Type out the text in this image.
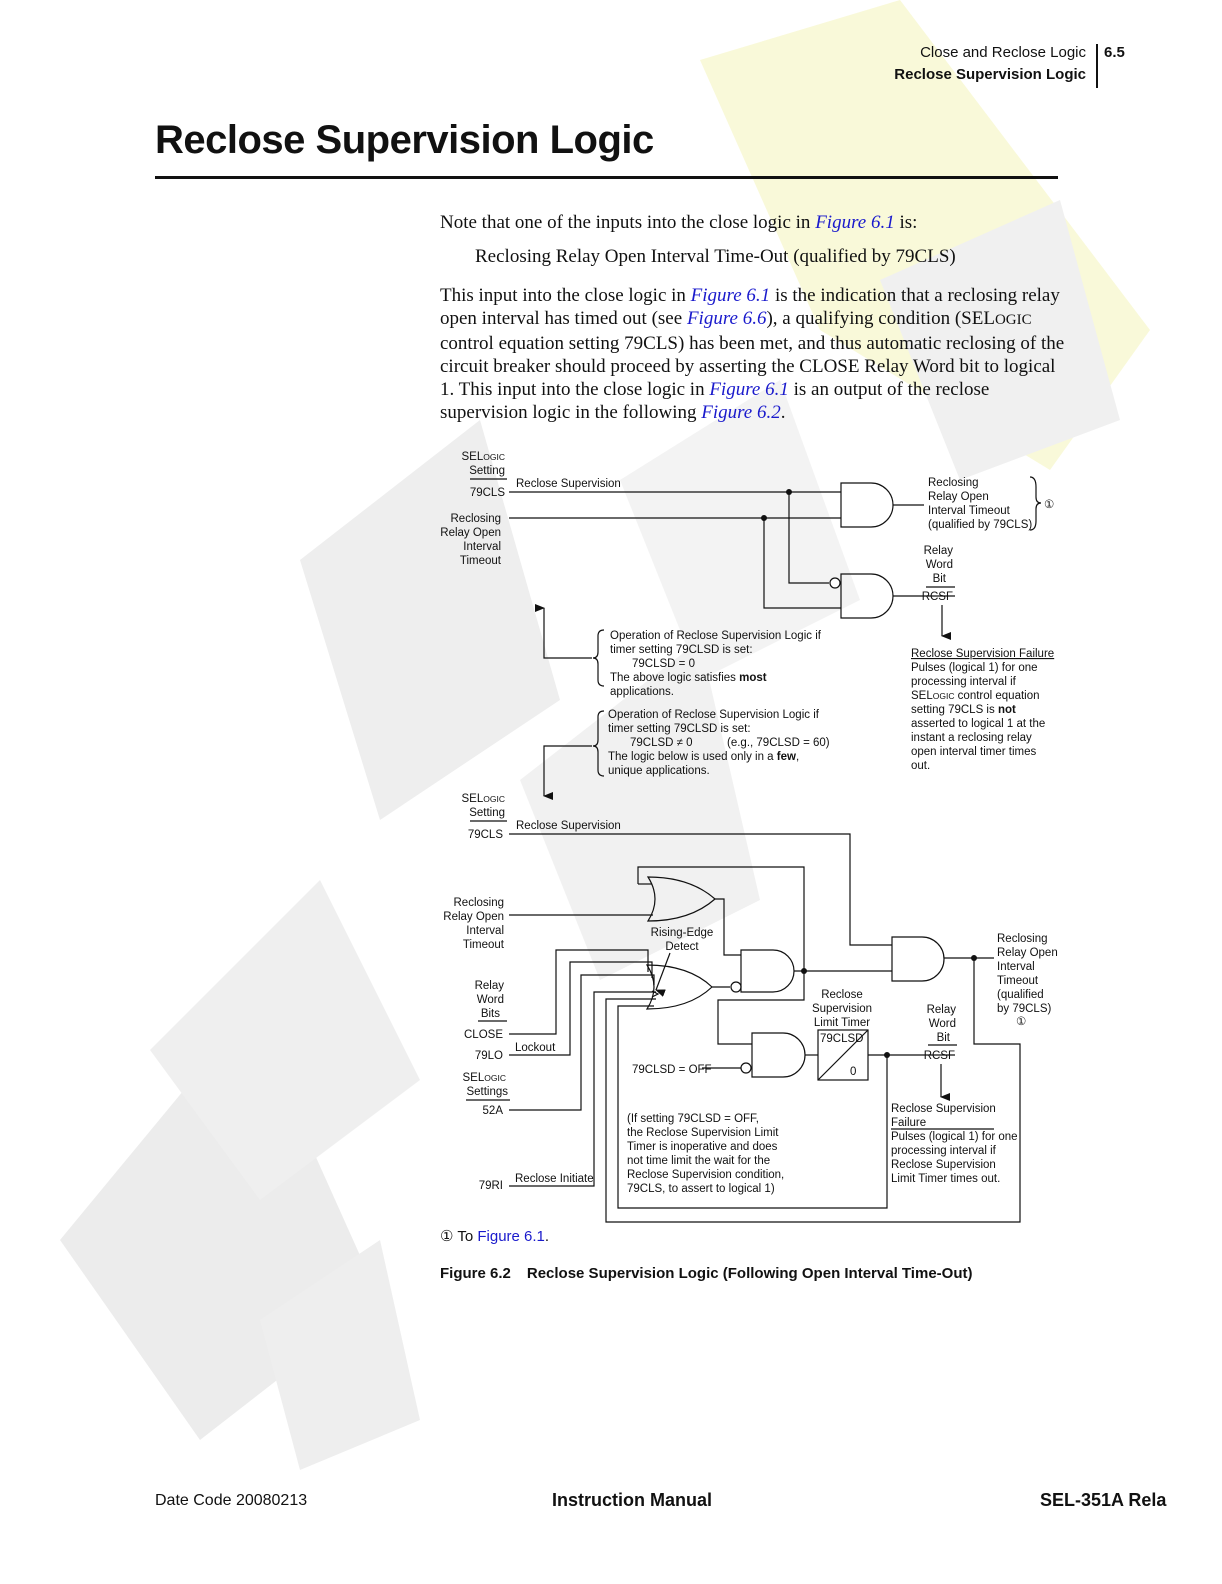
Close and Reclose Logic
Reclose Supervision Logic
6.5
Reclose Supervision Logic
Note that one of the inputs into the close logic in Figure 6.1 is:
Reclosing Relay Open Interval Time-Out (qualified by 79CLS)
This input into the close logic in Figure 6.1 is the indication that a reclosing relay open interval has timed out (see Figure 6.6), a qualifying condition (SELOGIC control equation setting 79CLS) has been met, and thus automatic reclosing of the circuit breaker should proceed by asserting the CLOSE Relay Word bit to logical 1. This input into the close logic in Figure 6.1 is an output of the reclose supervision logic in the following Figure 6.2.
SELOGIC
Setting
79CLS
Reclose Supervision
Reclosing
Relay Open
Interval
Timeout
Reclosing
Relay Open
Interval Timeout
(qualified by 79CLS)
①
Relay
Word
Bit
RCSF
Reclose Supervision Failure
Pulses (logical 1) for one
processing interval if
SELOGIC control equation
setting 79CLS is not
asserted to logical 1 at the
instant a reclosing relay
open interval timer times
out.
Operation of Reclose Supervision Logic if
timer setting 79CLSD is set:
79CLSD = 0
The above logic satisfies most
applications.
Operation of Reclose Supervision Logic if
timer setting 79CLSD is set:
79CLSD ≠ 0	(e.g., 79CLSD = 60)
The logic below is used only in a few,
unique applications.
SELOGIC
Setting
79CLS
Reclose Supervision
Reclosing
Relay Open
Interval
Timeout
Rising-Edge
Detect
Relay
Word
Bits
CLOSE
79LO
Lockout
SELOGIC
Settings
52A
79RI
Reclose Initiate
79CLSD = OFF
Reclose
Supervision
Limit Timer
79CLSD
0
Reclosing
Relay Open
Interval
Timeout
(qualified
by 79CLS)
①
Relay
Word
Bit
RCSF
Reclose Supervision
Failure
Pulses (logical 1) for one
processing interval if
Reclose Supervision
Limit Timer times out.
(If setting 79CLSD = OFF,
the Reclose Supervision Limit
Timer is inoperative and does
not time limit the wait for the
Reclose Supervision condition,
79CLS, to assert to logical 1)
① To Figure 6.1.
Figure 6.2 Reclose Supervision Logic (Following Open Interval Time-Out)
Date Code 20080213	Instruction Manual	SEL-351A Rela
